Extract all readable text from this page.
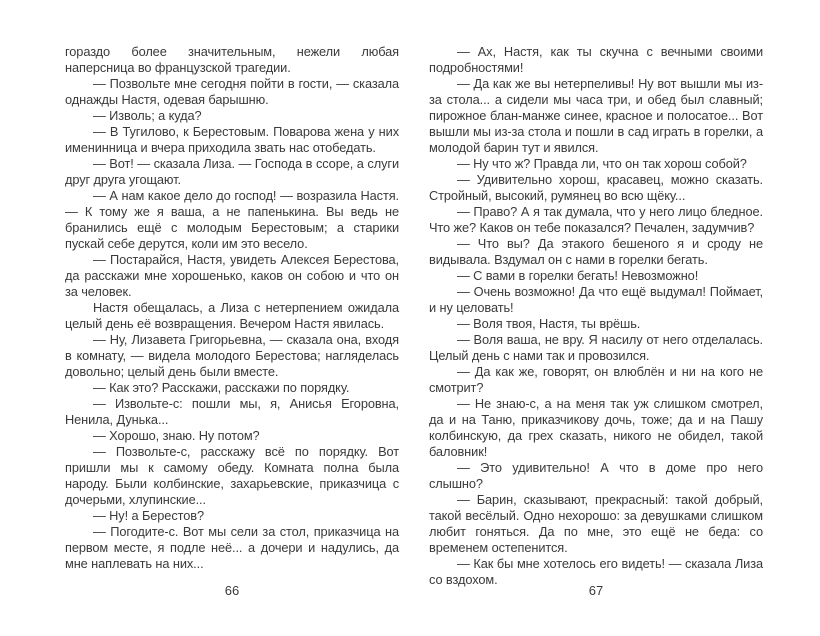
гораздо более значительным, нежели любая наперсница во французской трагедии.

— Позвольте мне сегодня пойти в гости, — сказала однажды Настя, одевая барышню.

— Изволь; а куда?

— В Тугилово, к Берестовым. Поварова жена у них именинница и вчера приходила звать нас отобедать.

— Вот! — сказала Лиза. — Господа в ссоре, а слуги друг друга угощают.

— А нам какое дело до господ! — возразила Настя. — К тому же я ваша, а не папенькина. Вы ведь не бранились ещё с молодым Берестовым; а старики пускай себе дерутся, коли им это весело.

— Постарайся, Настя, увидеть Алексея Берестова, да расскажи мне хорошенько, каков он собою и что он за человек.

Настя обещалась, а Лиза с нетерпением ожидала целый день её возвращения. Вечером Настя явилась.

— Ну, Лизавета Григорьевна, — сказала она, входя в комнату, — видела молодого Берестова; нагляделась довольно; целый день были вместе.

— Как это? Расскажи, расскажи по порядку.

— Извольте-с: пошли мы, я, Анисья Егоровна, Ненила, Дунька...

— Хорошо, знаю. Ну потом?

— Позвольте-с, расскажу всё по порядку. Вот пришли мы к самому обеду. Комната полна была народу. Были колбинские, захарьевские, приказчица с дочерьми, хлупинские...

— Ну! а Берестов?

— Погодите-с. Вот мы сели за стол, приказчица на первом месте, я подле неё... а дочери и надулись, да мне наплевать на них...

66

— Ах, Настя, как ты скучна с вечными своими подробностями!

— Да как же вы нетерпеливы! Ну вот вышли мы из-за стола... а сидели мы часа три, и обед был славный; пирожное блан-манже синее, красное и полосатое... Вот вышли мы из-за стола и пошли в сад играть в горелки, а молодой барин тут и явился.

— Ну что ж? Правда ли, что он так хорош собой?

— Удивительно хорош, красавец, можно сказать. Стройный, высокий, румянец во всю щёку...

— Право? А я так думала, что у него лицо бледное. Что же? Каков он тебе показался? Печален, задумчив?

— Что вы? Да этакого бешеного я и сроду не видывала. Вздумал он с нами в горелки бегать.

— С вами в горелки бегать! Невозможно!

— Очень возможно! Да что ещё выдумал! Поймает, и ну целовать!

— Воля твоя, Настя, ты врёшь.

— Воля ваша, не вру. Я насилу от него отделалась. Целый день с нами так и провозился.

— Да как же, говорят, он влюблён и ни на кого не смотрит?

— Не знаю-с, а на меня так уж слишком смотрел, да и на Таню, приказчикову дочь, тоже; да и на Пашу колбинскую, да грех сказать, никого не обидел, такой баловник!

— Это удивительно! А что в доме про него слышно?

— Барин, сказывают, прекрасный: такой добрый, такой весёлый. Одно нехорошо: за девушками слишком любит гоняться. Да по мне, это ещё не беда: со временем остепенится.

— Как бы мне хотелось его видеть! — сказала Лиза со вздохом.

67
